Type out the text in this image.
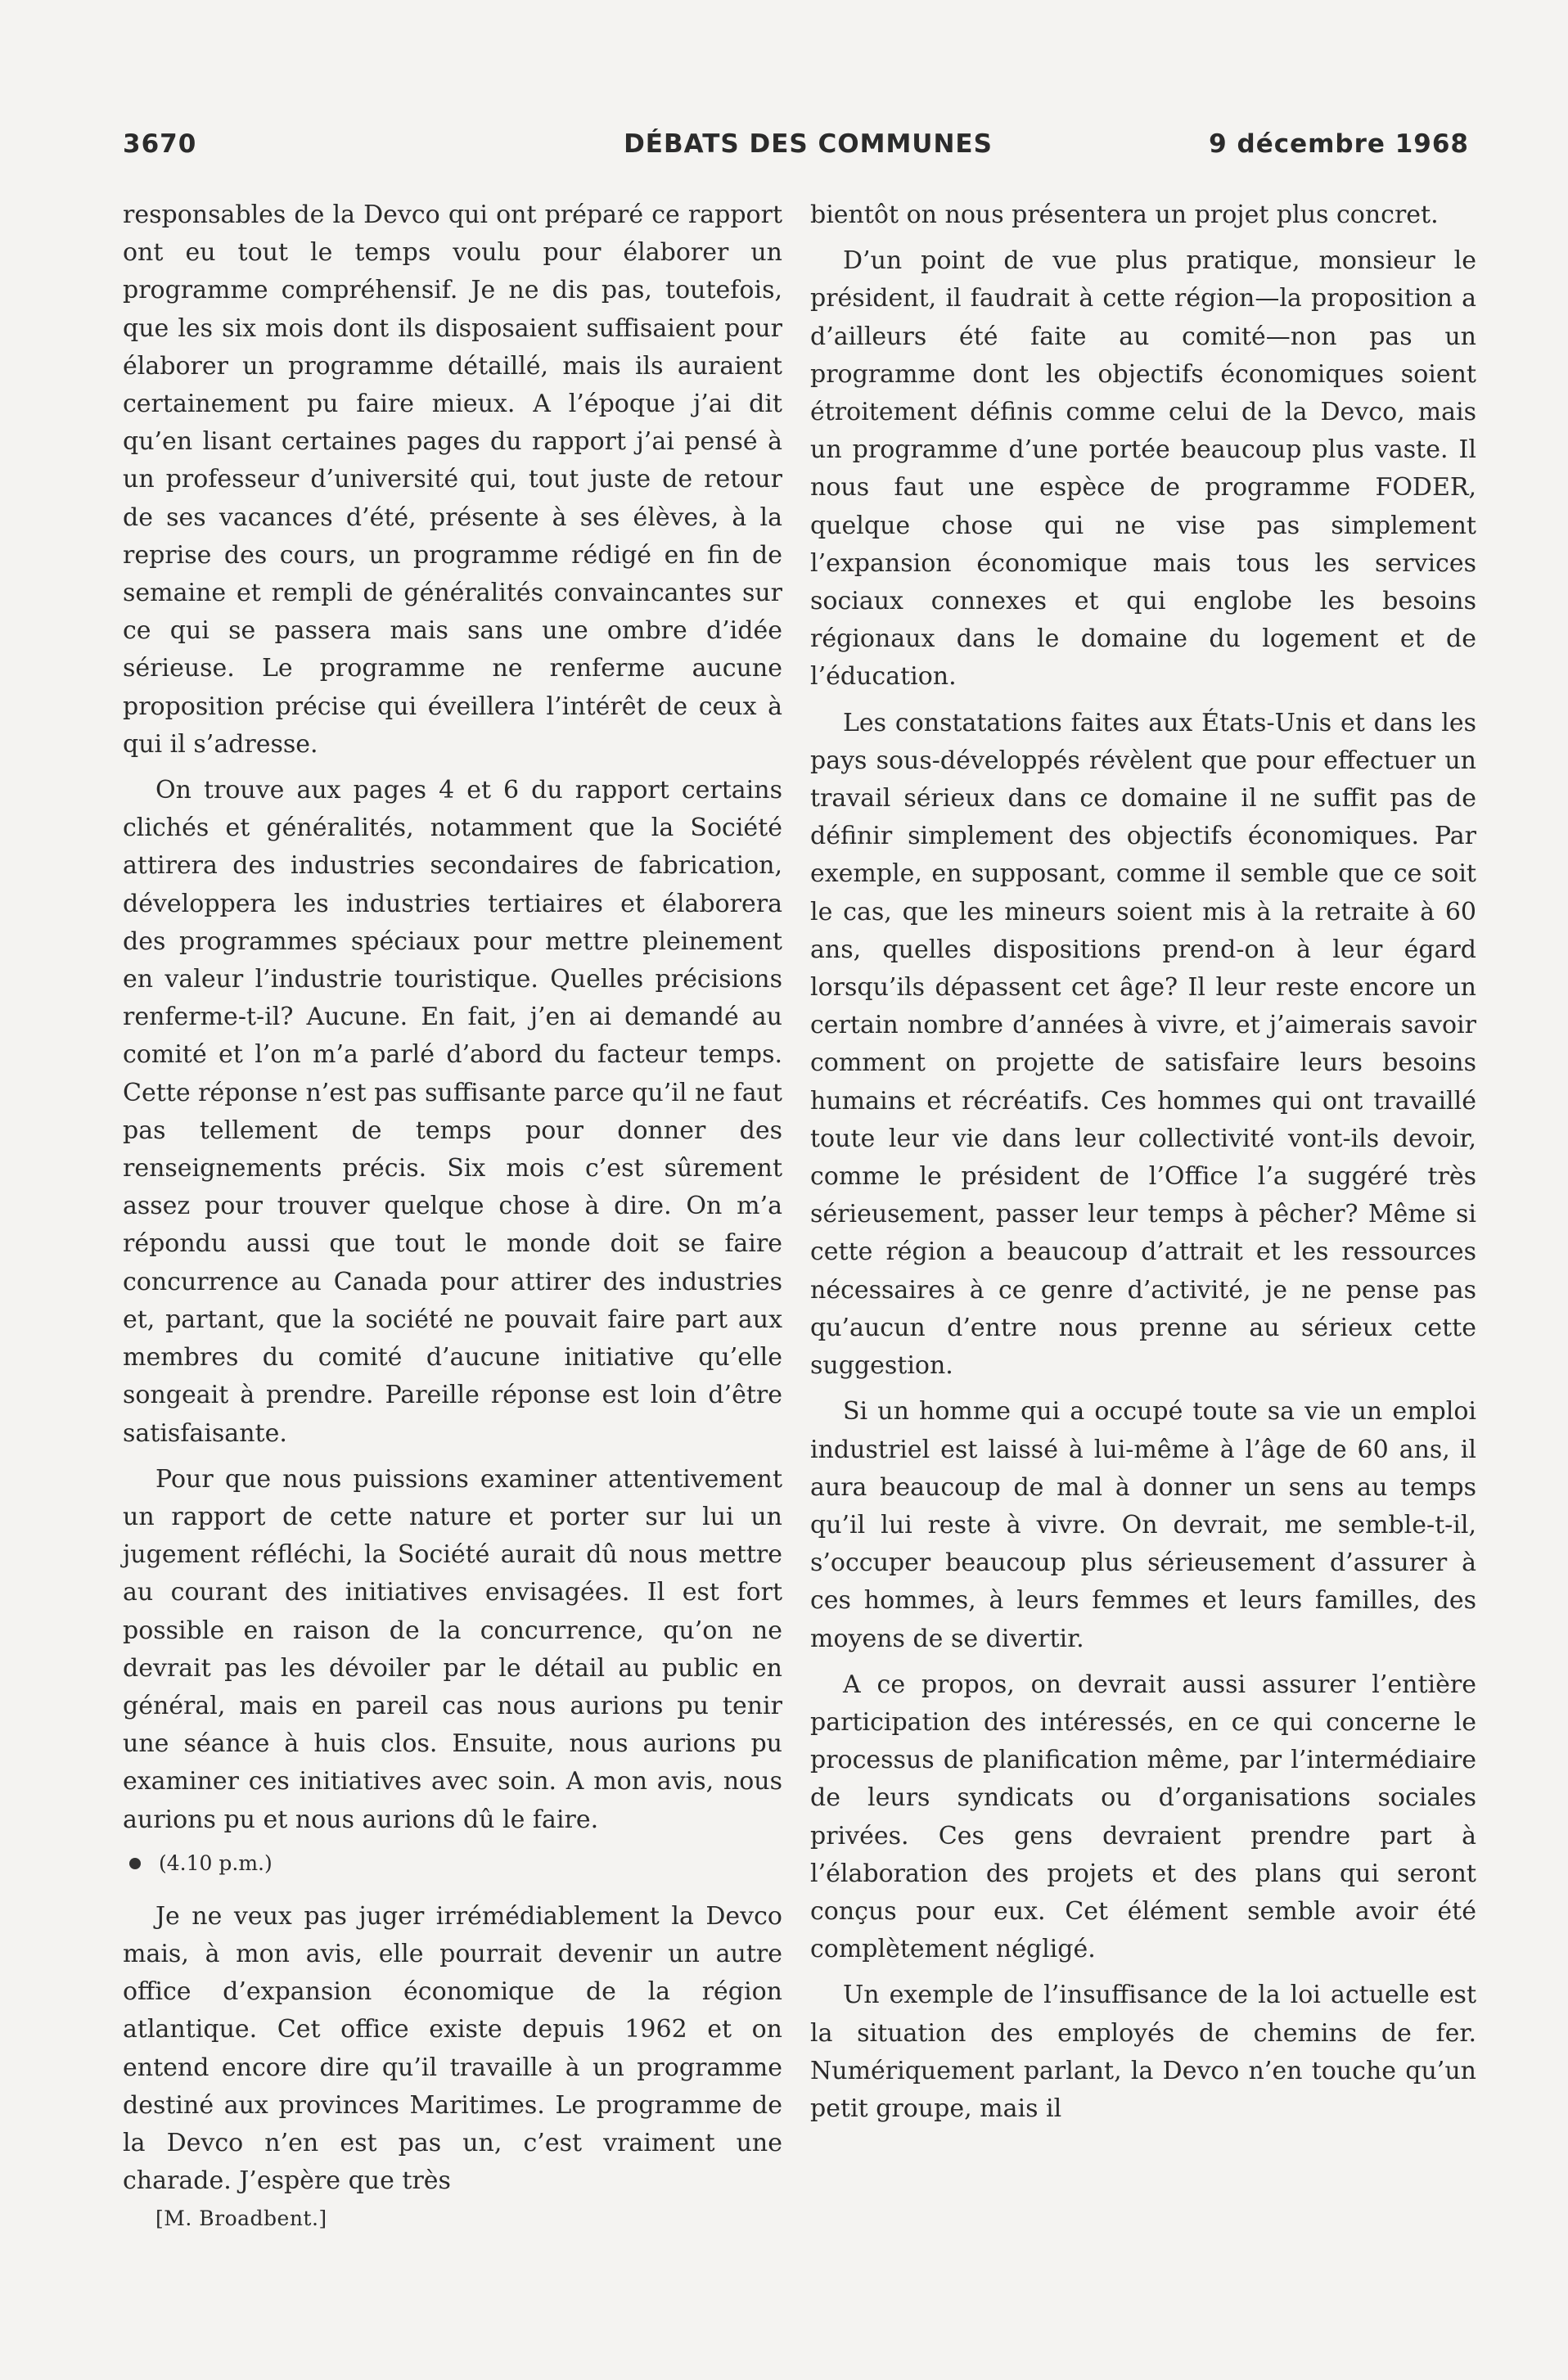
3670	DÉBATS DES COMMUNES	9 décembre 1968

responsables de la Devco qui ont préparé ce rapport ont eu tout le temps voulu pour élaborer un programme compréhensif. Je ne dis pas, toutefois, que les six mois dont ils disposaient suffisaient pour élaborer un programme détaillé, mais ils auraient certainement pu faire mieux. A l’époque j’ai dit qu’en lisant certaines pages du rapport j’ai pensé à un professeur d’université qui, tout juste de retour de ses vacances d’été, présente à ses élèves, à la reprise des cours, un programme rédigé en fin de semaine et rempli de généralités convaincantes sur ce qui se passera mais sans une ombre d’idée sérieuse. Le programme ne renferme aucune proposition précise qui éveillera l’intérêt de ceux à qui il s’adresse.

On trouve aux pages 4 et 6 du rapport certains clichés et généralités, notamment que la Société attirera des industries secondaires de fabrication, développera les industries tertiaires et élaborera des programmes spéciaux pour mettre pleinement en valeur l’industrie touristique. Quelles précisions renferme-t-il? Aucune. En fait, j’en ai demandé au comité et l’on m’a parlé d’abord du facteur temps. Cette réponse n’est pas suffisante parce qu’il ne faut pas tellement de temps pour donner des renseignements précis. Six mois c’est sûrement assez pour trouver quelque chose à dire. On m’a répondu aussi que tout le monde doit se faire concurrence au Canada pour attirer des industries et, partant, que la société ne pouvait faire part aux membres du comité d’aucune initiative qu’elle songeait à prendre. Pareille réponse est loin d’être satisfaisante.

Pour que nous puissions examiner attentivement un rapport de cette nature et porter sur lui un jugement réfléchi, la Société aurait dû nous mettre au courant des initiatives envisagées. Il est fort possible en raison de la concurrence, qu’on ne devrait pas les dévoiler par le détail au public en général, mais en pareil cas nous aurions pu tenir une séance à huis clos. Ensuite, nous aurions pu examiner ces initiatives avec soin. A mon avis, nous aurions pu et nous aurions dû le faire.

(4.10 p.m.)

Je ne veux pas juger irrémédiablement la Devco mais, à mon avis, elle pourrait devenir un autre office d’expansion économique de la région atlantique. Cet office existe depuis 1962 et on entend encore dire qu’il travaille à un programme destiné aux provinces Maritimes. Le programme de la Devco n’en est pas un, c’est vraiment une charade. J’espère que très

[M. Broadbent.]

bientôt on nous présentera un projet plus concret.

D’un point de vue plus pratique, monsieur le président, il faudrait à cette région—la proposition a d’ailleurs été faite au comité—non pas un programme dont les objectifs économiques soient étroitement définis comme celui de la Devco, mais un programme d’une portée beaucoup plus vaste. Il nous faut une espèce de programme FODER, quelque chose qui ne vise pas simplement l’expansion économique mais tous les services sociaux connexes et qui englobe les besoins régionaux dans le domaine du logement et de l’éducation.

Les constatations faites aux États-Unis et dans les pays sous-développés révèlent que pour effectuer un travail sérieux dans ce domaine il ne suffit pas de définir simplement des objectifs économiques. Par exemple, en supposant, comme il semble que ce soit le cas, que les mineurs soient mis à la retraite à 60 ans, quelles dispositions prend-on à leur égard lorsqu’ils dépassent cet âge? Il leur reste encore un certain nombre d’années à vivre, et j’aimerais savoir comment on projette de satisfaire leurs besoins humains et récréatifs. Ces hommes qui ont travaillé toute leur vie dans leur collectivité vont-ils devoir, comme le président de l’Office l’a suggéré très sérieusement, passer leur temps à pêcher? Même si cette région a beaucoup d’attrait et les ressources nécessaires à ce genre d’activité, je ne pense pas qu’aucun d’entre nous prenne au sérieux cette suggestion.

Si un homme qui a occupé toute sa vie un emploi industriel est laissé à lui-même à l’âge de 60 ans, il aura beaucoup de mal à donner un sens au temps qu’il lui reste à vivre. On devrait, me semble-t-il, s’occuper beaucoup plus sérieusement d’assurer à ces hommes, à leurs femmes et leurs familles, des moyens de se divertir.

A ce propos, on devrait aussi assurer l’entière participation des intéressés, en ce qui concerne le processus de planification même, par l’intermédiaire de leurs syndicats ou d’organisations sociales privées. Ces gens devraient prendre part à l’élaboration des projets et des plans qui seront conçus pour eux. Cet élément semble avoir été complètement négligé.

Un exemple de l’insuffisance de la loi actuelle est la situation des employés de chemins de fer. Numériquement parlant, la Devco n’en touche qu’un petit groupe, mais il
